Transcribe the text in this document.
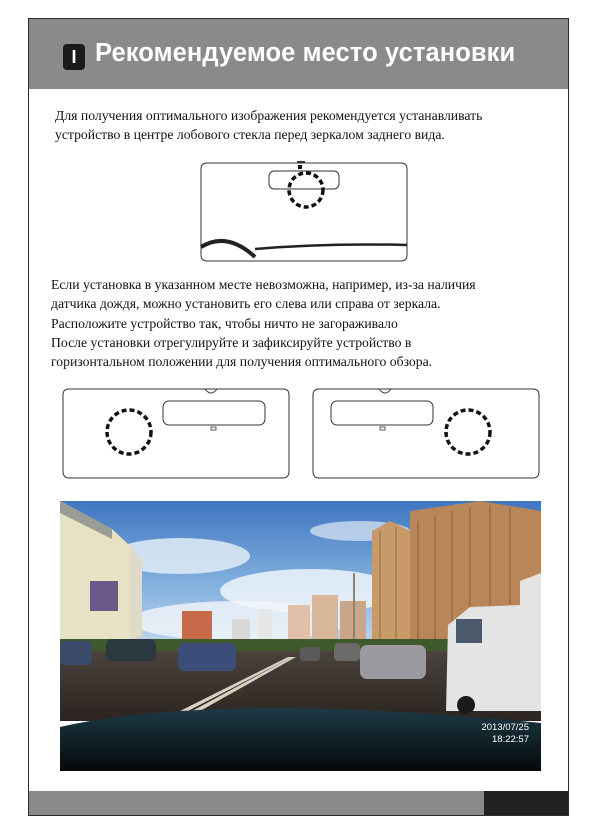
I Рекомендуемое место установки
Для получения оптимального изображения рекомендуется устанавливать
устройство в центре лобового стекла перед зеркалом заднего вида.
Если установка в указанном месте невозможна, например, из-за наличия
датчика дождя, можно установить его слева или справа от зеркала.
Расположите устройство так, чтобы ничто не загораживало
После установки отрегулируйте и зафиксируйте устройство в
горизонтальном положении для получения оптимального обзора.
2013/07/25
18:22:57
